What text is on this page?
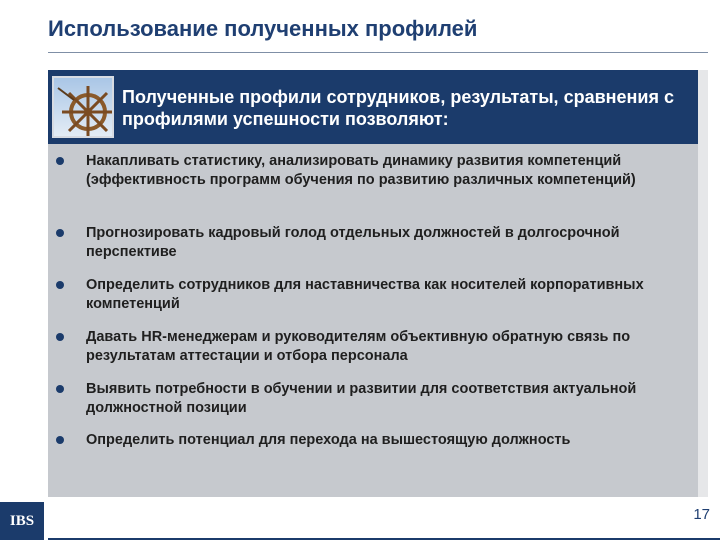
Использование полученных профилей
Полученные профили сотрудников, результаты, сравнения с профилями успешности позволяют:
Накапливать статистику, анализировать динамику развития компетенций (эффективность программ обучения по развитию различных компетенций)
Прогнозировать кадровый голод отдельных должностей в долгосрочной перспективе
Определить сотрудников для наставничества как носителей корпоративных компетенций
Давать HR-менеджерам и руководителям объективную обратную связь по результатам аттестации и отбора персонала
Выявить потребности в обучении и развитии для соответствия актуальной должностной позиции
Определить потенциал для перехода на вышестоящую должность
IBS	17
